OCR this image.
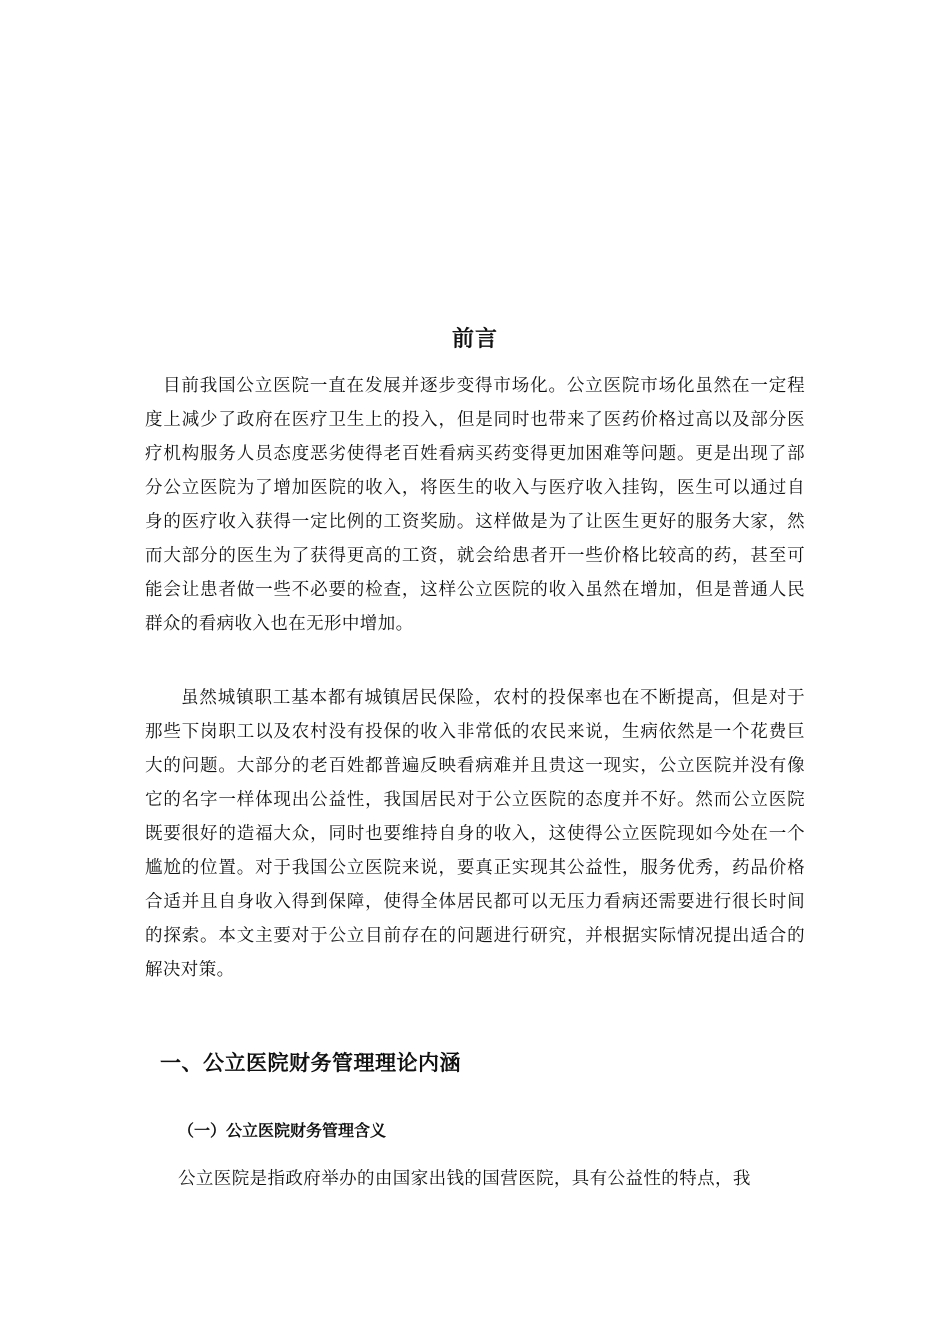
前言

目前我国公立医院一直在发展并逐步变得市场化。公立医院市场化虽然在一定程度上减少了政府在医疗卫生上的投入，但是同时也带来了医药价格过高以及部分医疗机构服务人员态度恶劣使得老百姓看病买药变得更加困难等问题。更是出现了部分公立医院为了增加医院的收入，将医生的收入与医疗收入挂钩，医生可以通过自身的医疗收入获得一定比例的工资奖励。这样做是为了让医生更好的服务大家，然而大部分的医生为了获得更高的工资，就会给患者开一些价格比较高的药，甚至可能会让患者做一些不必要的检查，这样公立医院的收入虽然在增加，但是普通人民群众的看病收入也在无形中增加。

虽然城镇职工基本都有城镇居民保险，农村的投保率也在不断提高，但是对于那些下岗职工以及农村没有投保的收入非常低的农民来说，生病依然是一个花费巨大的问题。大部分的老百姓都普遍反映看病难并且贵这一现实，公立医院并没有像它的名字一样体现出公益性，我国居民对于公立医院的态度并不好。然而公立医院既要很好的造福大众，同时也要维持自身的收入，这使得公立医院现如今处在一个尴尬的位置。对于我国公立医院来说，要真正实现其公益性，服务优秀，药品价格合适并且自身收入得到保障，使得全体居民都可以无压力看病还需要进行很长时间的探索。本文主要对于公立目前存在的问题进行研究，并根据实际情况提出适合的解决对策。

一、公立医院财务管理理论内涵
（一）公立医院财务管理含义

公立医院是指政府举办的由国家出钱的国营医院，具有公益性的特点，我
